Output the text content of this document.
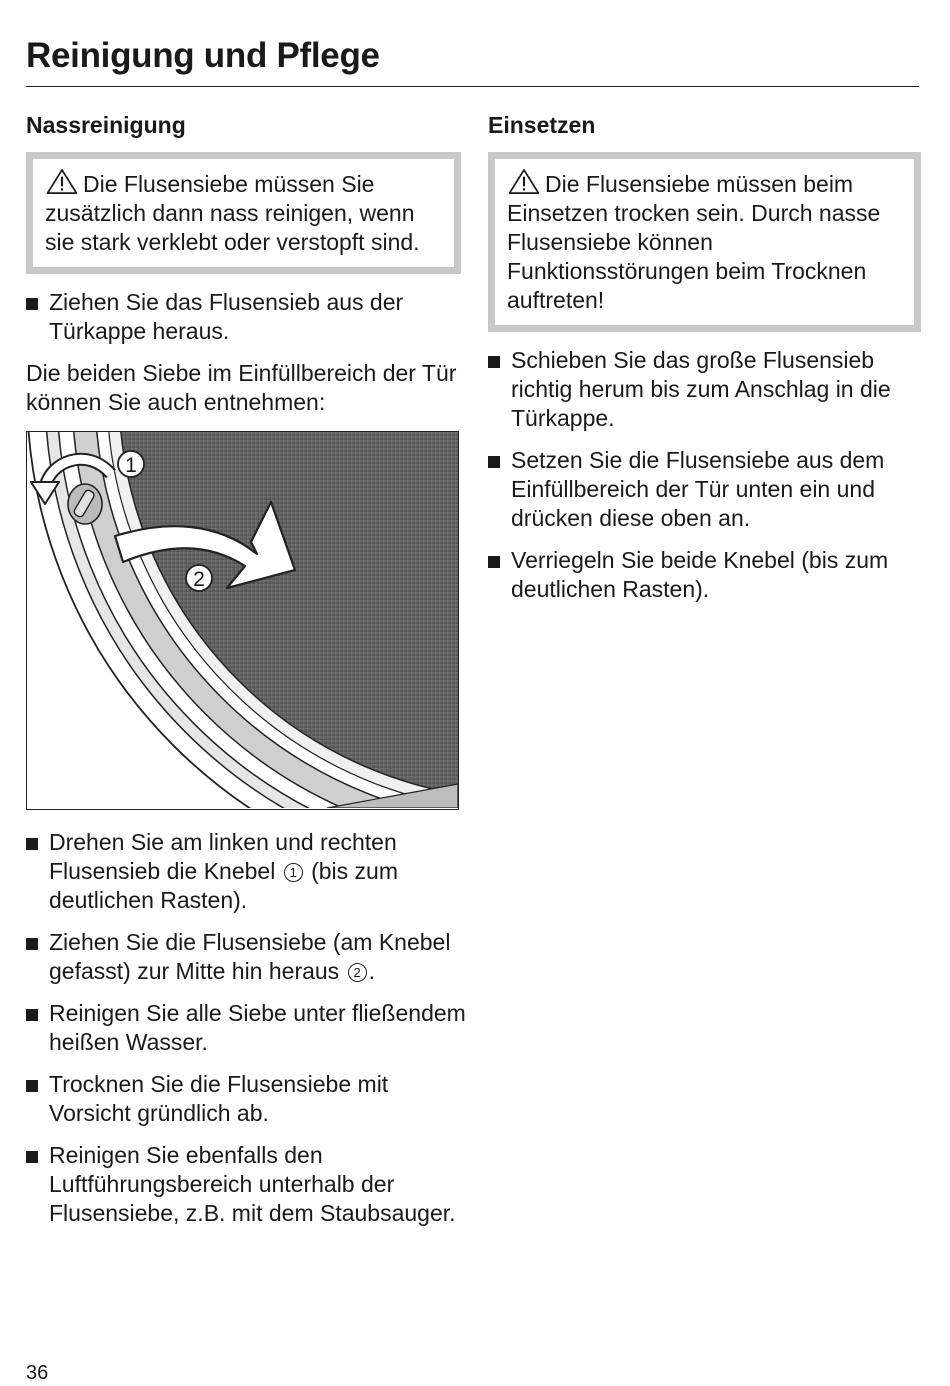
Reinigung und Pflege
Nassreinigung
Die Flusensiebe müssen Sie zusätzlich dann nass reinigen, wenn sie stark verklebt oder verstopft sind.
Ziehen Sie das Flusensieb aus der Türkappe heraus.

Die beiden Siebe im Einfüllbereich der Tür können Sie auch entnehmen:

1
2
Drehen Sie am linken und rechten Flusensieb die Knebel 1 (bis zum deutlichen Rasten).
Ziehen Sie die Flusensiebe (am Knebel gefasst) zur Mitte hin heraus 2 .
Reinigen Sie alle Siebe unter fließendem heißen Wasser.
Trocknen Sie die Flusensiebe mit Vorsicht gründlich ab.
Reinigen Sie ebenfalls den Luftführungsbereich unterhalb der Flusensiebe, z.B. mit dem Staubsauger.
Einsetzen
Die Flusensiebe müssen beim Einsetzen trocken sein. Durch nasse Flusensiebe können Funktionsstörungen beim Trocknen auftreten!
Schieben Sie das große Flusensieb richtig herum bis zum Anschlag in die Türkappe.
Setzen Sie die Flusensiebe aus dem Einfüllbereich der Tür unten ein und drücken diese oben an.
Verriegeln Sie beide Knebel (bis zum deutlichen Rasten).
36
